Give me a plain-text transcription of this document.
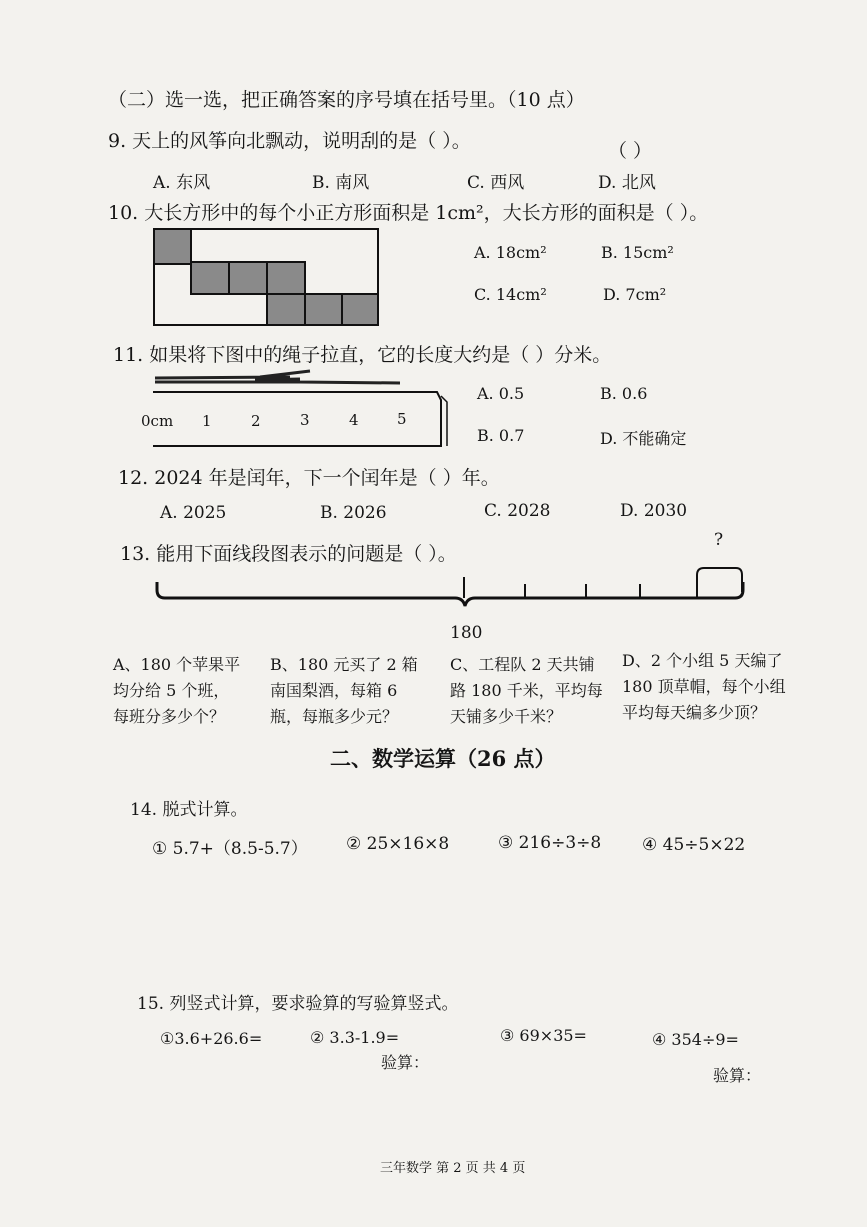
（二）选一选，把正确答案的序号填在括号里。（10 点）
9. 天上的风筝向北飘动，说明刮的是（ ）。	（ ）
A. 东风	B. 南风	C. 西风	D. 北风
10. 大长方形中的每个小正方形面积是 1cm²，大长方形的面积是（ ）。
A. 18cm²	B. 15cm²
C. 14cm²	D. 7cm²
11. 如果将下图中的绳子拉直，它的长度大约是（ ）分米。
0cm 1	2	3	4	5
A. 0.5	B. 0.6
B. 0.7	D. 不能确定
12. 2024 年是闰年，下一个闰年是（ ）年。
A. 2025	B. 2026	C. 2028	D. 2030
13. 能用下面线段图表示的问题是（ ）。
?
180
A、180 个苹果平
均分给 5 个班，
每班分多少个？
B、180 元买了 2 箱
南国梨酒，每箱 6
瓶，每瓶多少元？
C、工程队 2 天共铺
路 180 千米，平均每
天铺多少千米？
D、2 个小组 5 天编了
180 顶草帽，每个小组
平均每天编多少顶？
二、数学运算（26 点）
14. 脱式计算。
① 5.7+（8.5-5.7） ② 25×16×8	③ 216÷3÷8 ④ 45÷5×22
15. 列竖式计算，要求验算的写验算竖式。
①3.6+26.6=	② 3.3-1.9=	③ 69×35=	④ 354÷9=
验算：
验算：
三年数学 第 2 页 共 4 页
